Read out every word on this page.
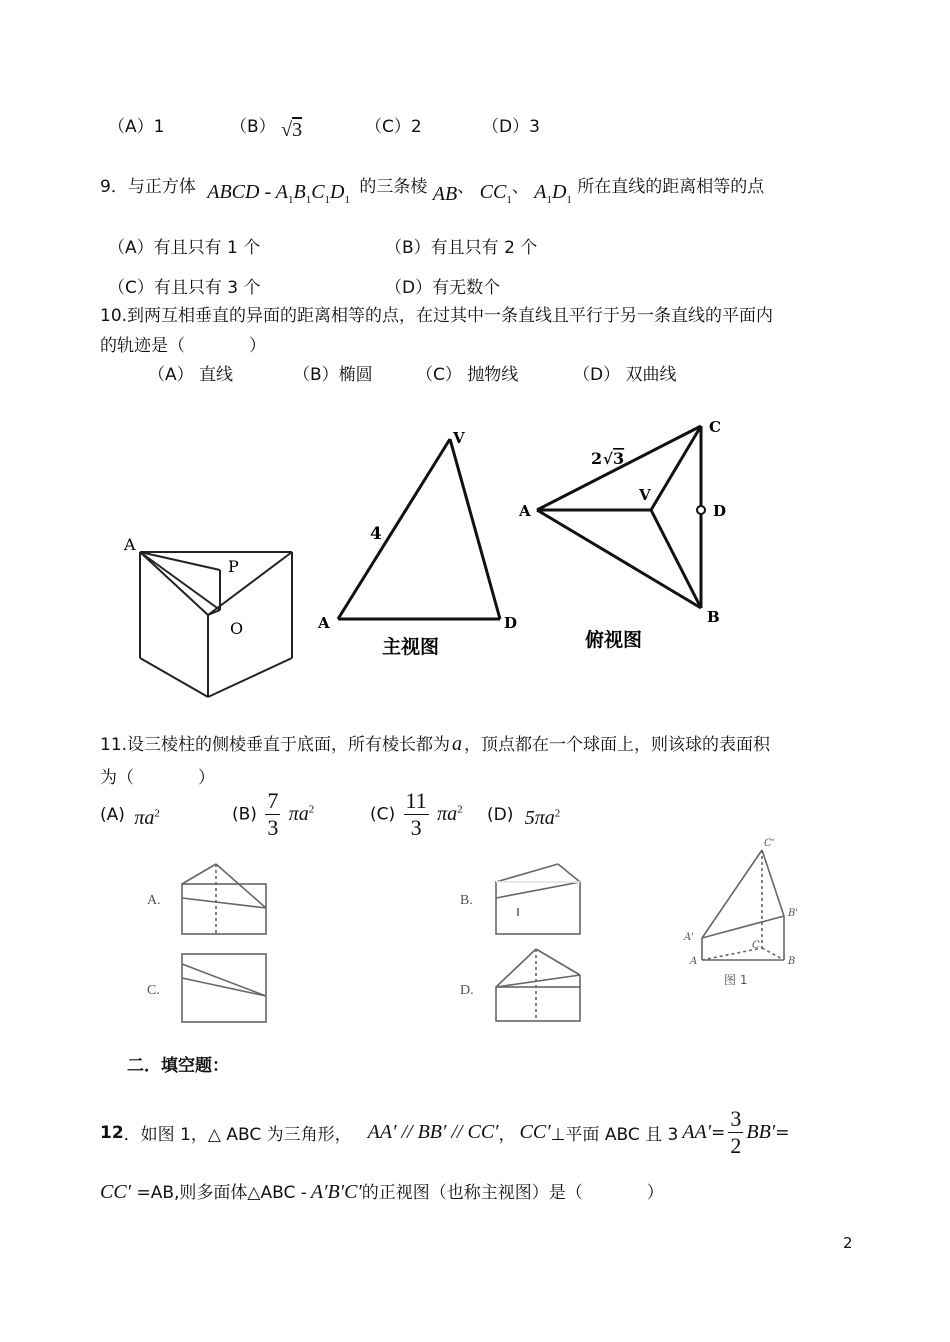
（A）1	（B） √3	（C）2	（D）3
9．与正方体 ABCD - $A_1B_1C_1D_1$ 的三条棱 AB、 $CC_1$、 $A_1D_1$ 所在直线的距离相等的点
（A）有且只有 1 个	（B）有且只有 2 个
（C）有且只有 3 个	（D）有无数个
10.到两互相垂直的异面的距离相等的点，在过其中一条直线且平行于另一条直线的平面内
的轨迹是（	）
（A） 直线	（B）椭圆	（C） 抛物线	（D） 双曲线
A
P
O
V
A	D
4
主视图
C
A
V
D
B
2 √ 3
俯视图
11.设三棱柱的侧棱垂直于底面，所有棱长都为 a ，顶点都在一个球面上，则该球的表面积
为（	）
(A) $\pi a^2$	$(B) \frac{7}{3} \pi a^2$	$(C) \frac{11}{3} \pi a^2$ (D) $5\pi a^2$
A.	B.
C.	D.
C'
B'
A'
C
A	B
图 1
二．填空题：
12 ．如图 1，△ ABC 为三角形， AA′ // BB′ // CC′ ， CC′ ⊥平面 ABC 且 3 $AA' = \frac{3}{2} BB'$ =
CC′ =AB,则多面体△ABC - A′B′C′的正视图（也称主视图）是（	）
2
